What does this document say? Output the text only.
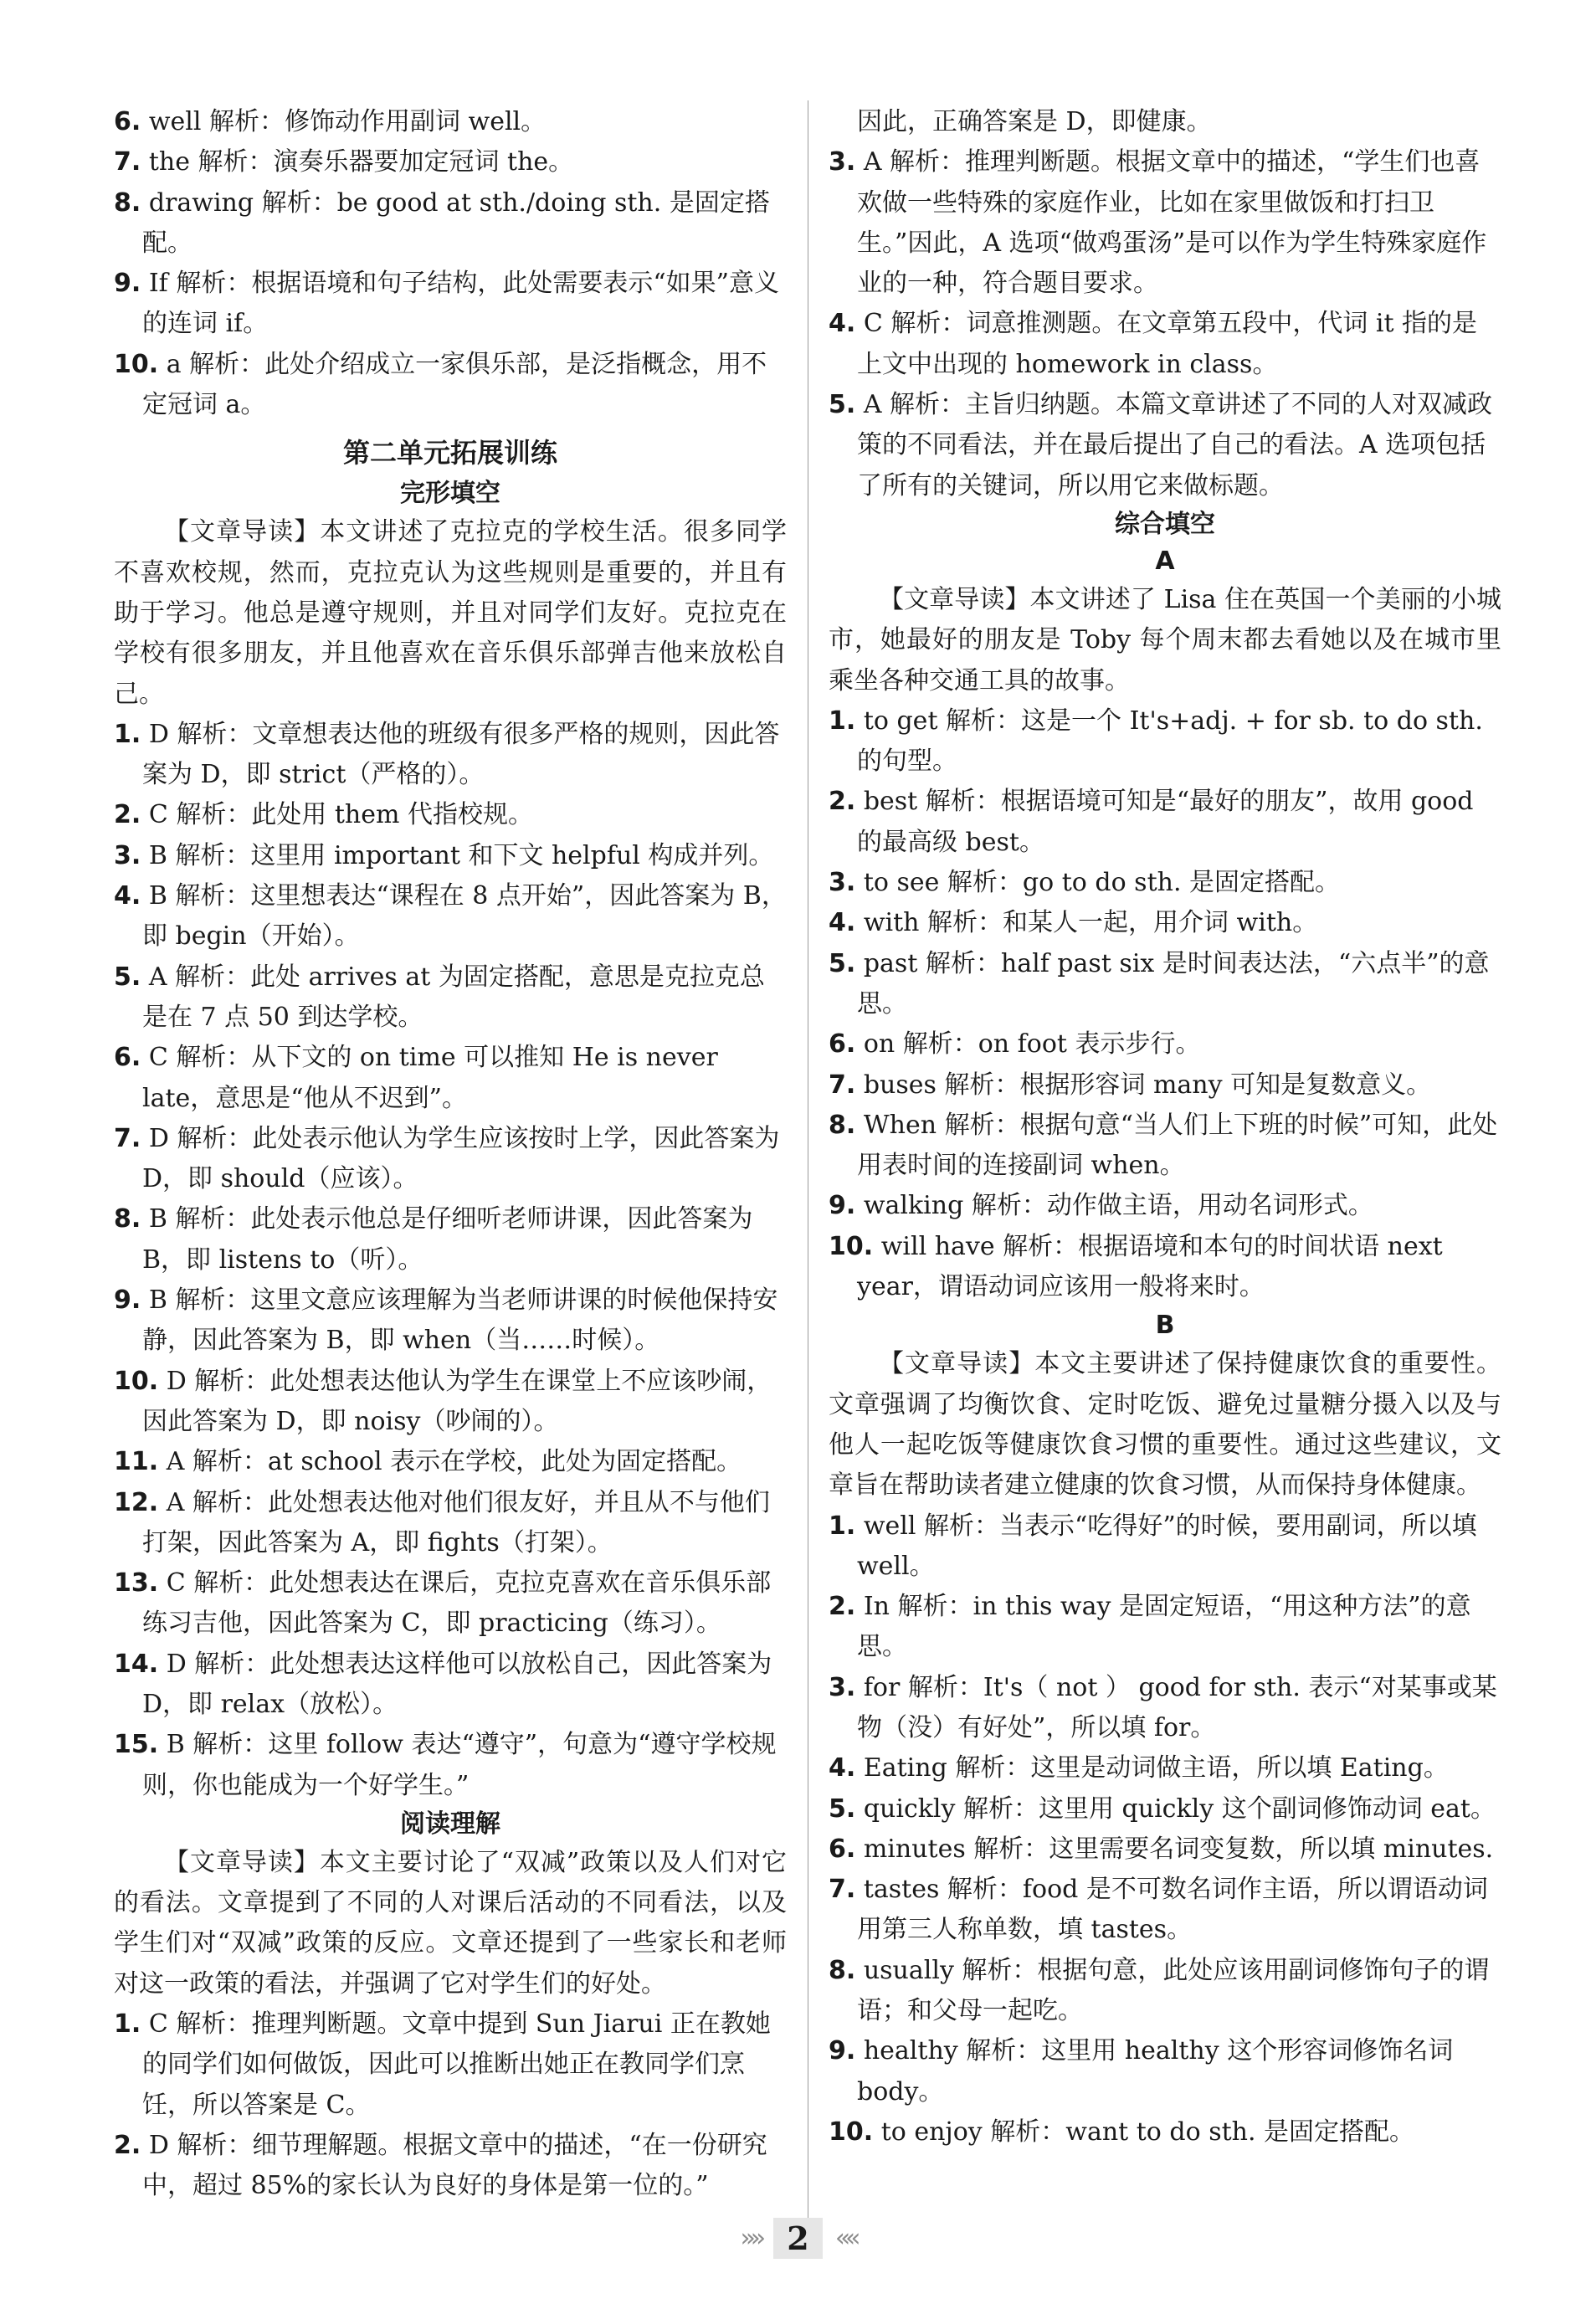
6. well 解析：修饰动作用副词 well。

7. the 解析：演奏乐器要加定冠词 the。

8. drawing 解析：be good at sth./doing sth. 是固定搭配。

9. If 解析：根据语境和句子结构，此处需要表示“如果”意义的连词 if。

10. a 解析：此处介绍成立一家俱乐部，是泛指概念，用不定冠词 a。

第二单元拓展训练

完形填空

【文章导读】本文讲述了克拉克的学校生活。很多同学不喜欢校规，然而，克拉克认为这些规则是重要的，并且有助于学习。他总是遵守规则，并且对同学们友好。克拉克在学校有很多朋友，并且他喜欢在音乐俱乐部弹吉他来放松自己。

1. D 解析：文章想表达他的班级有很多严格的规则，因此答案为 D，即 strict（严格的）。

2. C 解析：此处用 them 代指校规。

3. B 解析：这里用 important 和下文 helpful 构成并列。

4. B 解析：这里想表达“课程在 8 点开始”，因此答案为 B，即 begin（开始）。

5. A 解析：此处 arrives at 为固定搭配，意思是克拉克总是在 7 点 50 到达学校。

6. C 解析：从下文的 on time 可以推知 He is never late，意思是“他从不迟到”。

7. D 解析：此处表示他认为学生应该按时上学，因此答案为 D，即 should（应该）。

8. B 解析：此处表示他总是仔细听老师讲课，因此答案为 B，即 listens to（听）。

9. B 解析：这里文意应该理解为当老师讲课的时候他保持安静，因此答案为 B，即 when（当……时候）。

10. D 解析：此处想表达他认为学生在课堂上不应该吵闹，因此答案为 D，即 noisy（吵闹的）。

11. A 解析：at school 表示在学校，此处为固定搭配。

12. A 解析：此处想表达他对他们很友好，并且从不与他们打架，因此答案为 A，即 fights（打架）。

13. C 解析：此处想表达在课后，克拉克喜欢在音乐俱乐部练习吉他，因此答案为 C，即 practicing（练习）。

14. D 解析：此处想表达这样他可以放松自己，因此答案为 D，即 relax（放松）。

15. B 解析：这里 follow 表达“遵守”，句意为“遵守学校规则，你也能成为一个好学生。”

阅读理解

【文章导读】本文主要讨论了“双减”政策以及人们对它的看法。文章提到了不同的人对课后活动的不同看法，以及学生们对“双减”政策的反应。文章还提到了一些家长和老师对这一政策的看法，并强调了它对学生们的好处。

1. C 解析：推理判断题。文章中提到 Sun Jiarui 正在教她的同学们如何做饭，因此可以推断出她正在教同学们烹饪，所以答案是 C。

2. D 解析：细节理解题。根据文章中的描述，“在一份研究中，超过 85%的家长认为良好的身体是第一位的。”

因此，正确答案是 D，即健康。

3. A 解析：推理判断题。根据文章中的描述，“学生们也喜欢做一些特殊的家庭作业，比如在家里做饭和打扫卫生。”因此，A 选项“做鸡蛋汤”是可以作为学生特殊家庭作业的一种，符合题目要求。

4. C 解析：词意推测题。在文章第五段中，代词 it 指的是上文中出现的 homework in class。

5. A 解析：主旨归纳题。本篇文章讲述了不同的人对双减政策的不同看法，并在最后提出了自己的看法。A 选项包括了所有的关键词，所以用它来做标题。

综合填空

A

【文章导读】本文讲述了 Lisa 住在英国一个美丽的小城市，她最好的朋友是 Toby 每个周末都去看她以及在城市里乘坐各种交通工具的故事。

1. to get 解析：这是一个 It's+adj. + for sb. to do sth. 的句型。

2. best 解析：根据语境可知是“最好的朋友”，故用 good 的最高级 best。

3. to see 解析：go to do sth. 是固定搭配。

4. with 解析：和某人一起，用介词 with。

5. past 解析：half past six 是时间表达法，“六点半”的意思。

6. on 解析：on foot 表示步行。

7. buses 解析：根据形容词 many 可知是复数意义。

8. When 解析：根据句意“当人们上下班的时候”可知，此处用表时间的连接副词 when。

9. walking 解析：动作做主语，用动名词形式。

10. will have 解析：根据语境和本句的时间状语 next year，谓语动词应该用一般将来时。

B

【文章导读】本文主要讲述了保持健康饮食的重要性。文章强调了均衡饮食、定时吃饭、避免过量糖分摄入以及与他人一起吃饭等健康饮食习惯的重要性。通过这些建议，文章旨在帮助读者建立健康的饮食习惯，从而保持身体健康。

1. well 解析：当表示“吃得好”的时候，要用副词，所以填 well。

2. In 解析：in this way 是固定短语，“用这种方法”的意思。

3. for 解析：It's（ not ） good for sth. 表示“对某事或某物（没）有好处”，所以填 for。

4. Eating 解析：这里是动词做主语，所以填 Eating。

5. quickly 解析：这里用 quickly 这个副词修饰动词 eat。

6. minutes 解析：这里需要名词变复数，所以填 minutes.

7. tastes 解析：food 是不可数名词作主语，所以谓语动词用第三人称单数，填 tastes。

8. usually 解析：根据句意，此处应该用副词修饰句子的谓语；和父母一起吃。

9. healthy 解析：这里用 healthy 这个形容词修饰名词 body。

10. to enjoy 解析：want to do sth. 是固定搭配。

»» 2 ««
